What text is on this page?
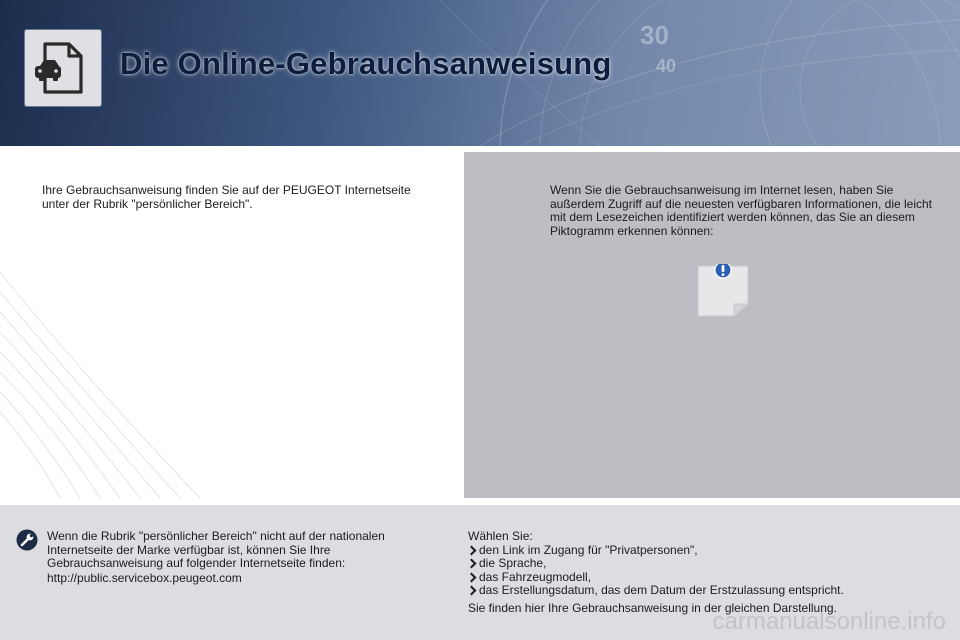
30
40
Die Online-Gebrauchsanweisung
Ihre Gebrauchsanweisung finden Sie auf der PEUGEOT Internetseite unter der Rubrik "persönlicher Bereich".
Wenn Sie die Gebrauchsanweisung im Internet lesen, haben Sie außerdem Zugriff auf die neuesten verfügbaren Informationen, die leicht mit dem Lesezeichen identifiziert werden können, das Sie an diesem Piktogramm erkennen können:
Wenn die Rubrik "persönlicher Bereich" nicht auf der nationalen Internetseite der Marke verfügbar ist, können Sie Ihre Gebrauchsanweisung auf folgender Internetseite finden:
http://public.servicebox.peugeot.com
Wählen Sie:
den Link im Zugang für "Privatpersonen",
die Sprache,
das Fahrzeugmodell,
das Erstellungsdatum, das dem Datum der Erstzulassung entspricht.
Sie finden hier Ihre Gebrauchsanweisung in der gleichen Darstellung.
carmanualsonline.info
